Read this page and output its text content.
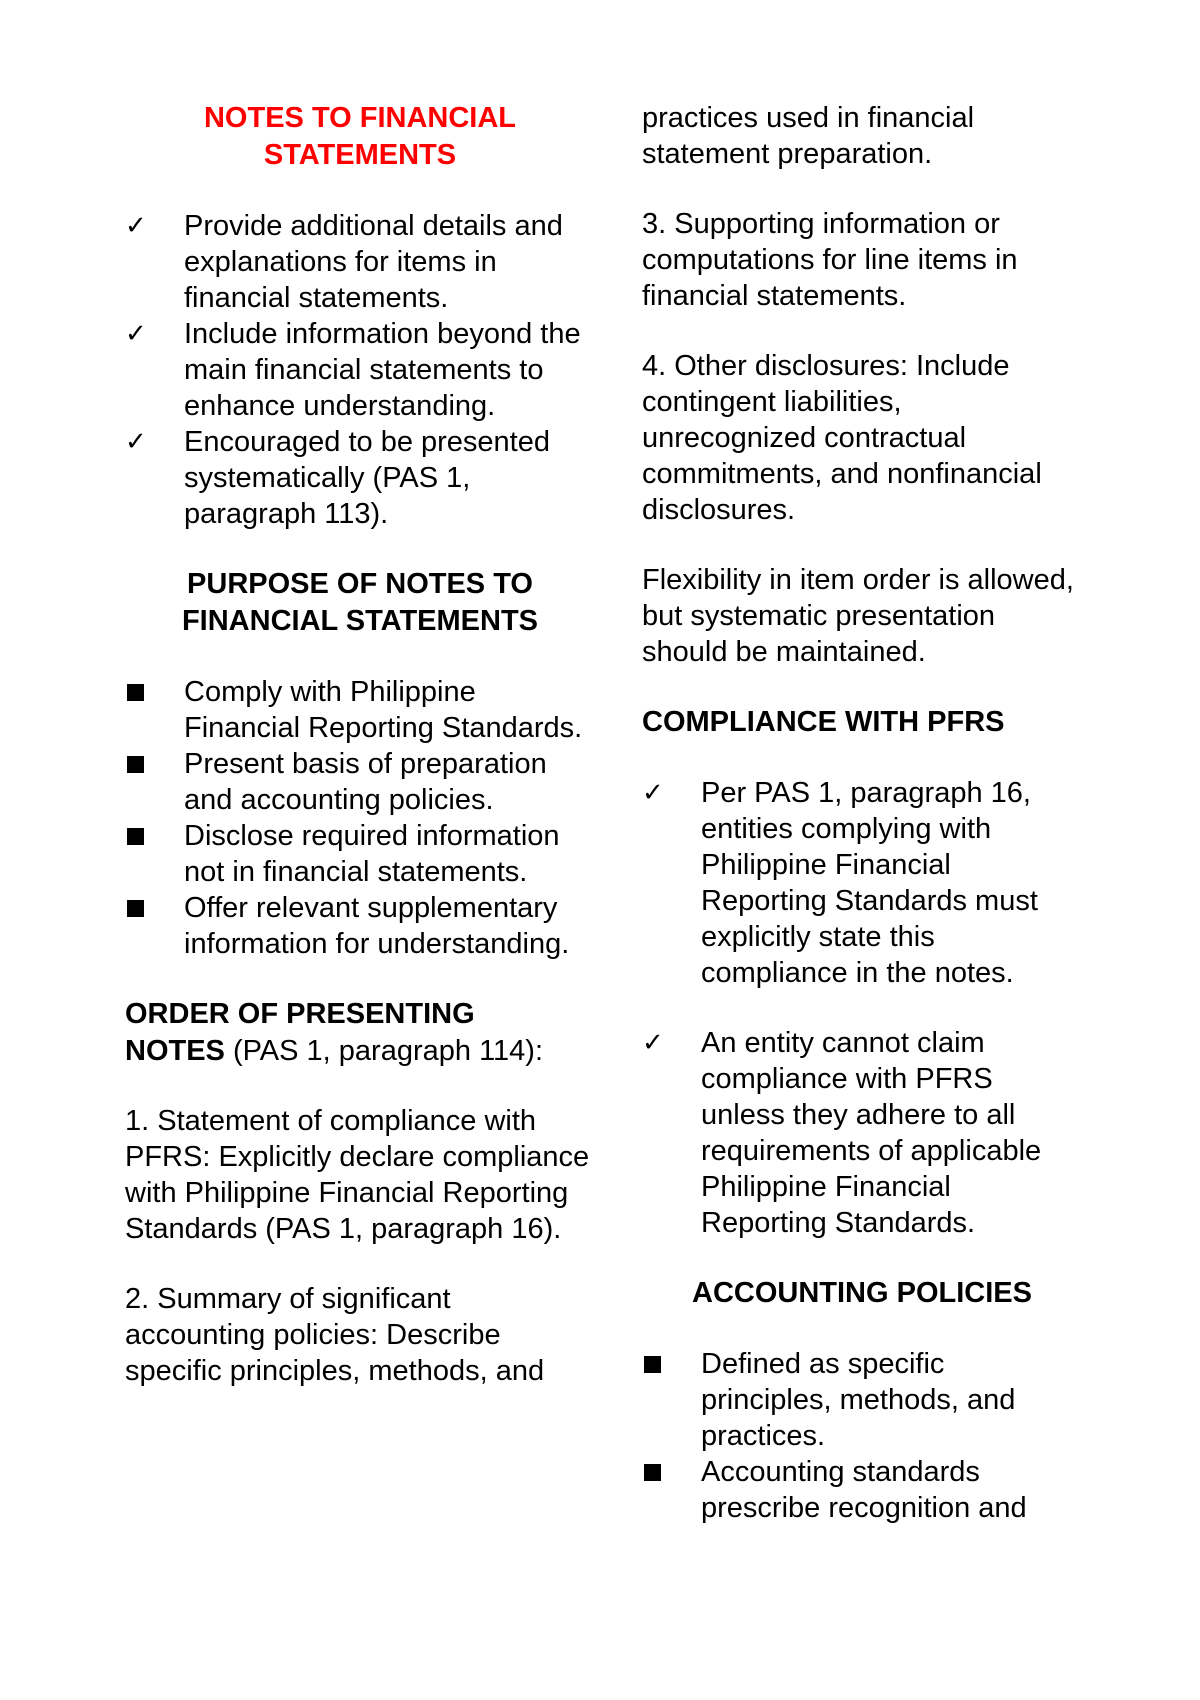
NOTES TO FINANCIAL
STATEMENTS

✓ Provide additional details and explanations for items in financial statements.
✓ Include information beyond the main financial statements to enhance understanding.
✓ Encouraged to be presented systematically (PAS 1, paragraph 113).

PURPOSE OF NOTES TO
FINANCIAL STATEMENTS

Comply with Philippine Financial Reporting Standards.
Present basis of preparation and accounting policies.
Disclose required information not in financial statements.
Offer relevant supplementary information for understanding.

ORDER OF PRESENTING
NOTES (PAS 1, paragraph 114):

1. Statement of compliance with PFRS: Explicitly declare compliance with Philippine Financial Reporting Standards (PAS 1, paragraph 16).

2. Summary of significant accounting policies: Describe specific principles, methods, and

practices used in financial statement preparation.

3. Supporting information or computations for line items in financial statements.

4. Other disclosures: Include contingent liabilities, unrecognized contractual commitments, and nonfinancial disclosures.

Flexibility in item order is allowed, but systematic presentation should be maintained.

COMPLIANCE WITH PFRS

✓ Per PAS 1, paragraph 16, entities complying with Philippine Financial Reporting Standards must explicitly state this compliance in the notes.
✓ An entity cannot claim compliance with PFRS unless they adhere to all requirements of applicable Philippine Financial Reporting Standards.

ACCOUNTING POLICIES

Defined as specific principles, methods, and practices.
Accounting standards prescribe recognition and
